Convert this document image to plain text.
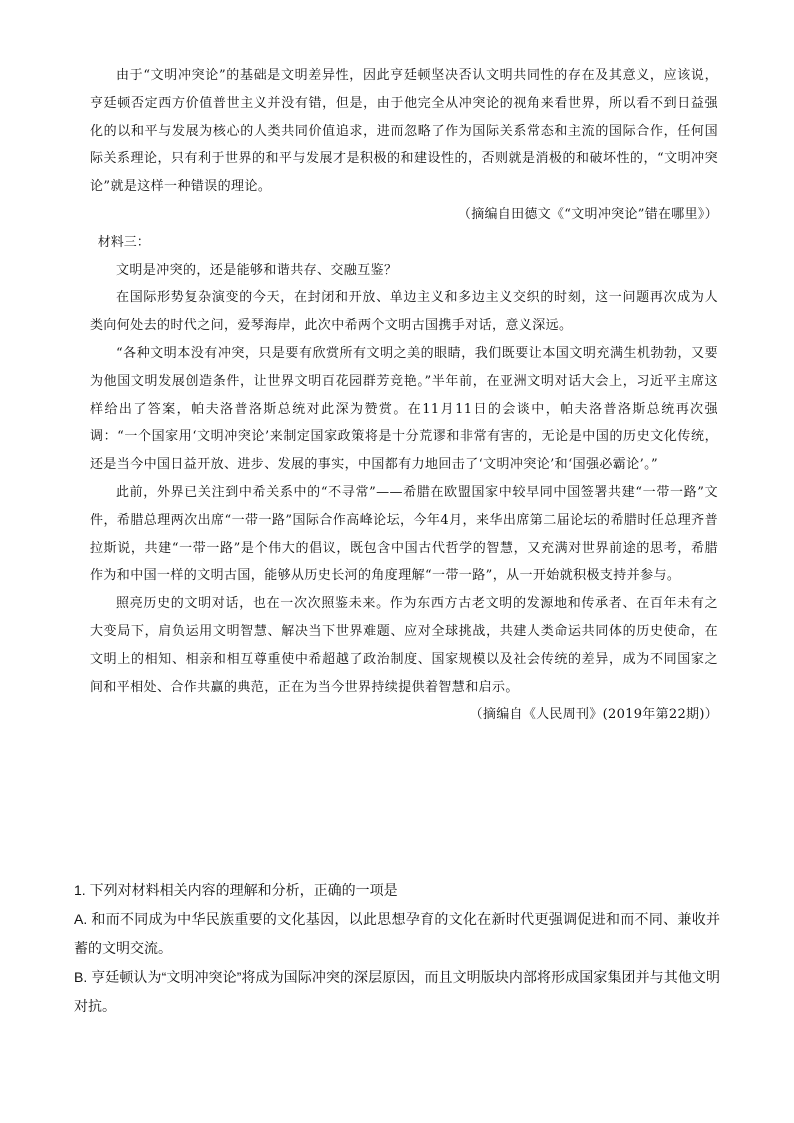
由于“文明冲突论”的基础是文明差异性，因此亨廷顿坚决否认文明共同性的存在及其意义，应该说，亨廷顿否定西方价值普世主义并没有错，但是，由于他完全从冲突论的视角来看世界，所以看不到日益强化的以和平与发展为核心的人类共同价值追求，进而忽略了作为国际关系常态和主流的国际合作，任何国际关系理论，只有利于世界的和平与发展才是积极的和建设性的，否则就是消极的和破坏性的，“文明冲突论”就是这样一种错误的理论。

（摘编自田德文《“文明冲突论”错在哪里》）

材料三：

文明是冲突的，还是能够和谐共存、交融互鉴？

在国际形势复杂演变的今天，在封闭和开放、单边主义和多边主义交织的时刻，这一问题再次成为人类向何处去的时代之问，爱琴海岸，此次中希两个文明古国携手对话，意义深远。

“各种文明本没有冲突，只是要有欣赏所有文明之美的眼睛，我们既要让本国文明充满生机勃勃，又要为他国文明发展创造条件，让世界文明百花园群芳竞艳。”半年前，在亚洲文明对话大会上，习近平主席这样给出了答案，帕夫洛普洛斯总统对此深为赞赏。在11月11日的会谈中，帕夫洛普洛斯总统再次强调：“一个国家用‘文明冲突论’来制定国家政策将是十分荒谬和非常有害的，无论是中国的历史文化传统，还是当今中国日益开放、进步、发展的事实，中国都有力地回击了‘文明冲突论’和‘国强必霸论’。”

此前，外界已关注到中希关系中的“不寻常”——希腊在欧盟国家中较早同中国签署共建“一带一路”文件，希腊总理两次出席“一带一路”国际合作高峰论坛，今年4月，来华出席第二届论坛的希腊时任总理齐普拉斯说，共建“一带一路”是个伟大的倡议，既包含中国古代哲学的智慧，又充满对世界前途的思考，希腊作为和中国一样的文明古国，能够从历史长河的角度理解“一带一路”，从一开始就积极支持并参与。

照亮历史的文明对话，也在一次次照鉴未来。作为东西方古老文明的发源地和传承者、在百年未有之大变局下，肩负运用文明智慧、解决当下世界难题、应对全球挑战，共建人类命运共同体的历史使命，在文明上的相知、相亲和相互尊重使中希超越了政治制度、国家规模以及社会传统的差异，成为不同国家之间和平相处、合作共赢的典范，正在为当今世界持续提供着智慧和启示。

（摘编自《人民周刊》(2019年第22期)）

1. 下列对材料相关内容的理解和分析，正确的一项是

A. 和而不同成为中华民族重要的文化基因，以此思想孕育的文化在新时代更强调促进和而不同、兼收并蓄的文明交流。

B. 亨廷顿认为“文明冲突论”将成为国际冲突的深层原因，而且文明版块内部将形成国家集团并与其他文明对抗。
